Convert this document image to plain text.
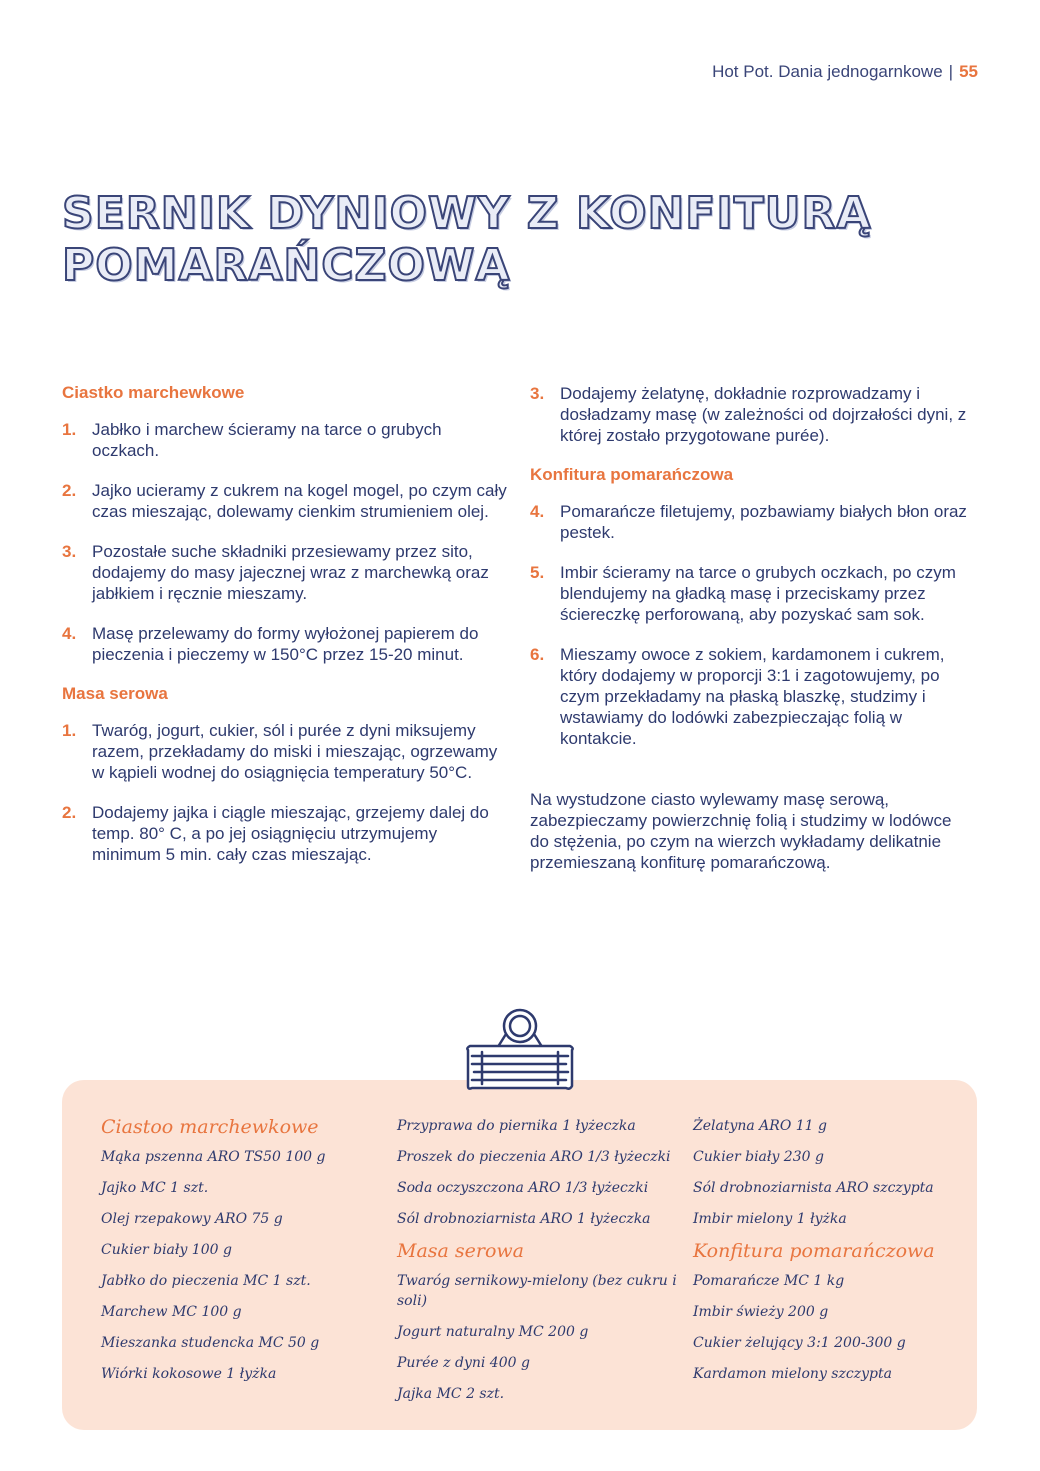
Hot Pot. Dania jednogarnkowe | 55
SERNIK DYNIOWY Z KONFITURĄ
POMARAŃCZOWĄ
Ciastko marchewkowe
1. Jabłko i marchew ścieramy na tarce o grubych oczkach.
2. Jajko ucieramy z cukrem na kogel mogel, po czym cały czas mieszając, dolewamy cienkim strumieniem olej.
3. Pozostałe suche składniki przesiewamy przez sito, dodajemy do masy jajecznej wraz z marchewką oraz jabłkiem i ręcznie mieszamy.
4. Masę przelewamy do formy wyłożonej papierem do pieczenia i pieczemy w 150°C przez 15-20 minut.
Masa serowa
1. Twaróg, jogurt, cukier, sól i purée z dyni miksujemy razem, przekładamy do miski i mieszając, ogrzewamy w kąpieli wodnej do osiągnięcia temperatury 50°C.
2. Dodajemy jajka i ciągle mieszając, grzejemy dalej do temp. 80° C, a po jej osiągnięciu utrzymujemy minimum 5 min. cały czas mieszając.
3. Dodajemy żelatynę, dokładnie rozprowadzamy i dosładzamy masę (w zależności od dojrzałości dyni, z której zostało przygotowane purée).
Konfitura pomarańczowa
4. Pomarańcze filetujemy, pozbawiamy białych błon oraz pestek.
5. Imbir ścieramy na tarce o grubych oczkach, po czym blendujemy na gładką masę i przeciskamy przez ściereczkę perforowaną, aby pozyskać sam sok.
6. Mieszamy owoce z sokiem, kardamonem i cukrem, który dodajemy w proporcji 3:1 i zagotowujemy, po czym przekładamy na płaską blaszkę, studzimy i wstawiamy do lodówki zabezpieczając folią w kontakcie.
Na wystudzone ciasto wylewamy masę serową, zabezpieczamy powierzchnię folią i studzimy w lodówce do stężenia, po czym na wierzch wykładamy delikatnie przemieszaną konfiturę pomarańczową.
Ciastoo marchewkowe
Mąka pszenna ARO TS50 100 g
Jajko MC 1 szt.
Olej rzepakowy ARO 75 g
Cukier biały 100 g
Jabłko do pieczenia MC 1 szt.
Marchew MC 100 g
Mieszanka studencka MC 50 g
Wiórki kokosowe 1 łyżka
Przyprawa do piernika 1 łyżeczka
Proszek do pieczenia ARO 1/3 łyżeczki
Soda oczyszczona ARO 1/3 łyżeczki
Sól drobnoziarnista ARO 1 łyżeczka
Masa serowa
Twaróg sernikowy-mielony (bez cukru i soli)
Jogurt naturalny MC 200 g
Purée z dyni 400 g
Jajka MC 2 szt.
Żelatyna ARO 11 g
Cukier biały 230 g
Sól drobnoziarnista ARO szczypta
Imbir mielony 1 łyżka
Konfitura pomarańczowa
Pomarańcze MC 1 kg
Imbir świeży 200 g
Cukier żelujący 3:1 200-300 g
Kardamon mielony szczypta
